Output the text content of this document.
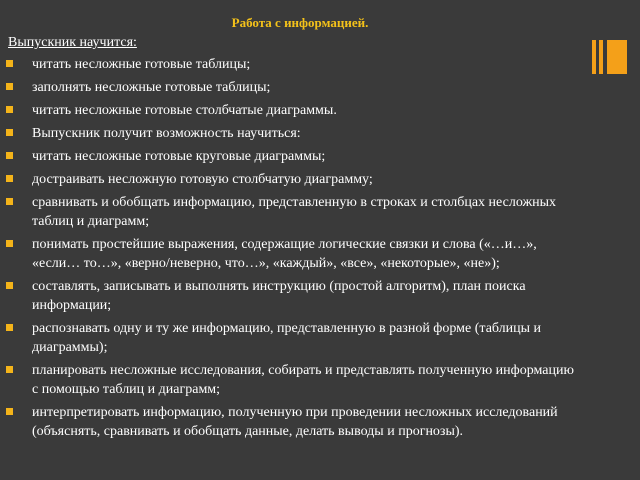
Работа с информацией.
Выпускник научится:
читать несложные готовые таблицы;
заполнять несложные готовые таблицы;
читать несложные готовые столбчатые диаграммы.
Выпускник получит возможность научиться:
читать несложные готовые круговые диаграммы;
достраивать несложную готовую столбчатую диаграмму;
сравнивать и обобщать информацию, представленную в строках и столбцах несложных таблиц и диаграмм;
понимать простейшие выражения, содержащие логические связки и слова («…и…», «если… то…», «верно/неверно, что…», «каждый», «все», «некоторые», «не»);
составлять, записывать и выполнять инструкцию (простой алгоритм), план поиска информации;
распознавать одну и ту же информацию, представленную в разной форме (таблицы и диаграммы);
планировать несложные исследования, собирать и представлять полученную информацию с помощью таблиц и диаграмм;
интерпретировать информацию, полученную при проведении несложных исследований (объяснять, сравнивать и обобщать данные, делать выводы и прогнозы).
